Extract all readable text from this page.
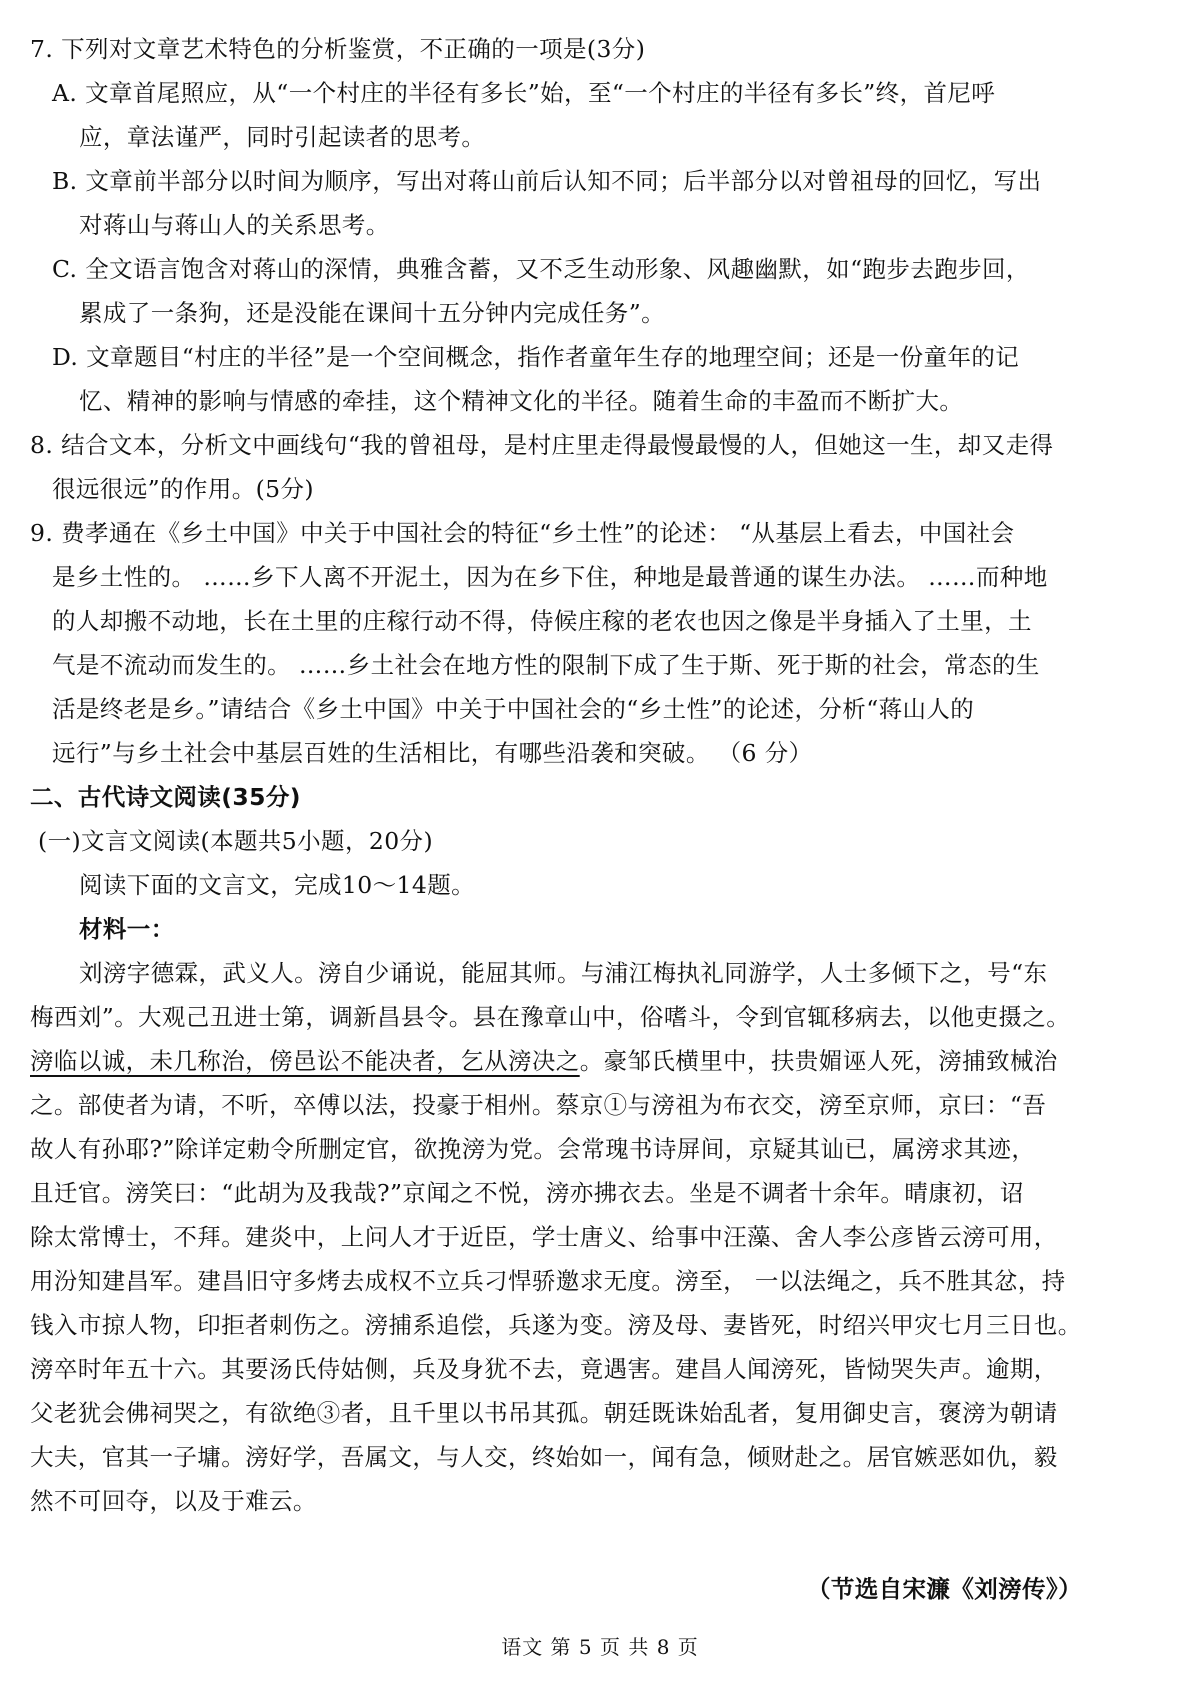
7. 下列对文章艺术特色的分析鉴赏，不正确的一项是(3分)
A. 文章首尾照应，从“一个村庄的半径有多长”始，至“一个村庄的半径有多长”终，首尼呼
应，章法谨严，同时引起读者的思考。
B. 文章前半部分以时间为顺序，写出对蒋山前后认知不同；后半部分以对曾祖母的回忆，写出
对蒋山与蒋山人的关系思考。
C. 全文语言饱含对蒋山的深情，典雅含蓄，又不乏生动形象、风趣幽默，如“跑步去跑步回，
累成了一条狗，还是没能在课间十五分钟内完成任务”。
D. 文章题目“村庄的半径”是一个空间概念，指作者童年生存的地理空间；还是一份童年的记
忆、精神的影响与情感的牵挂，这个精神文化的半径。随着生命的丰盈而不断扩大。
8. 结合文本，分析文中画线句“我的曾祖母，是村庄里走得最慢最慢的人，但她这一生，却又走得
很远很远”的作用。(5分)
9. 费孝通在《乡土中国》中关于中国社会的特征“乡土性”的论述： “从基层上看去，中国社会
是乡土性的。 ……乡下人离不开泥土，因为在乡下住，种地是最普通的谋生办法。 ……而种地
的人却搬不动地，长在土里的庄稼行动不得，侍候庄稼的老农也因之像是半身插入了土里，土
气是不流动而发生的。 ……乡土社会在地方性的限制下成了生于斯、死于斯的社会，常态的生
活是终老是乡。”请结合《乡土中国》中关于中国社会的“乡土性”的论述，分析“蒋山人的
远行”与乡土社会中基层百姓的生活相比，有哪些沿袭和突破。 （6 分）
二、古代诗文阅读(35分)
(一)文言文阅读(本题共5小题，20分)
阅读下面的文言文，完成10～14题。
材料一：
刘滂字德霖，武义人。滂自少诵说，能屈其师。与浦江梅执礼同游学，人士多倾下之，号“东
梅西刘”。大观己丑进士第，调新昌县令。县在豫章山中，俗嗜斗，令到官辄移病去，以他吏摄之。
滂临以诚，未几称治，傍邑讼不能决者，乞从滂决之。豪邹氏横里中，扶贵媚诬人死，滂捕致械治
之。部使者为请，不听，卒傅以法，投豪于相州。蔡京①与滂祖为布衣交，滂至京师，京曰：“吾
故人有孙耶?”除详定勅令所删定官，欲挽滂为党。会常瑰书诗屏间，京疑其讪已，属滂求其迹，
且迁官。滂笑曰：“此胡为及我哉?”京闻之不悦，滂亦拂衣去。坐是不调者十余年。晴康初，诏
除太常博士，不拜。建炎中，上问人才于近臣，学士唐义、给事中汪藻、舍人李公彦皆云滂可用，
用汾知建昌军。建昌旧守多烤去成权不立兵刁悍骄邀求无度。滂至， 一以法绳之，兵不胜其忿，持
钱入市掠人物，印拒者刺伤之。滂捕系追偿，兵遂为变。滂及母、妻皆死，时绍兴甲灾七月三日也。
滂卒时年五十六。其要汤氏侍姑侧，兵及身犹不去，竟遇害。建昌人闻滂死，皆恸哭失声。逾期，
父老犹会佛祠哭之，有欲绝③者，且千里以书吊其孤。朝廷既诛始乱者，复用御史言，褒滂为朝请
大夫，官其一子墉。滂好学，吾属文，与人交，终始如一，闻有急，倾财赴之。居官嫉恶如仇，毅
然不可回夺，以及于难云。
（节选自宋濂《刘滂传》）
语文 第 5 页 共 8 页
